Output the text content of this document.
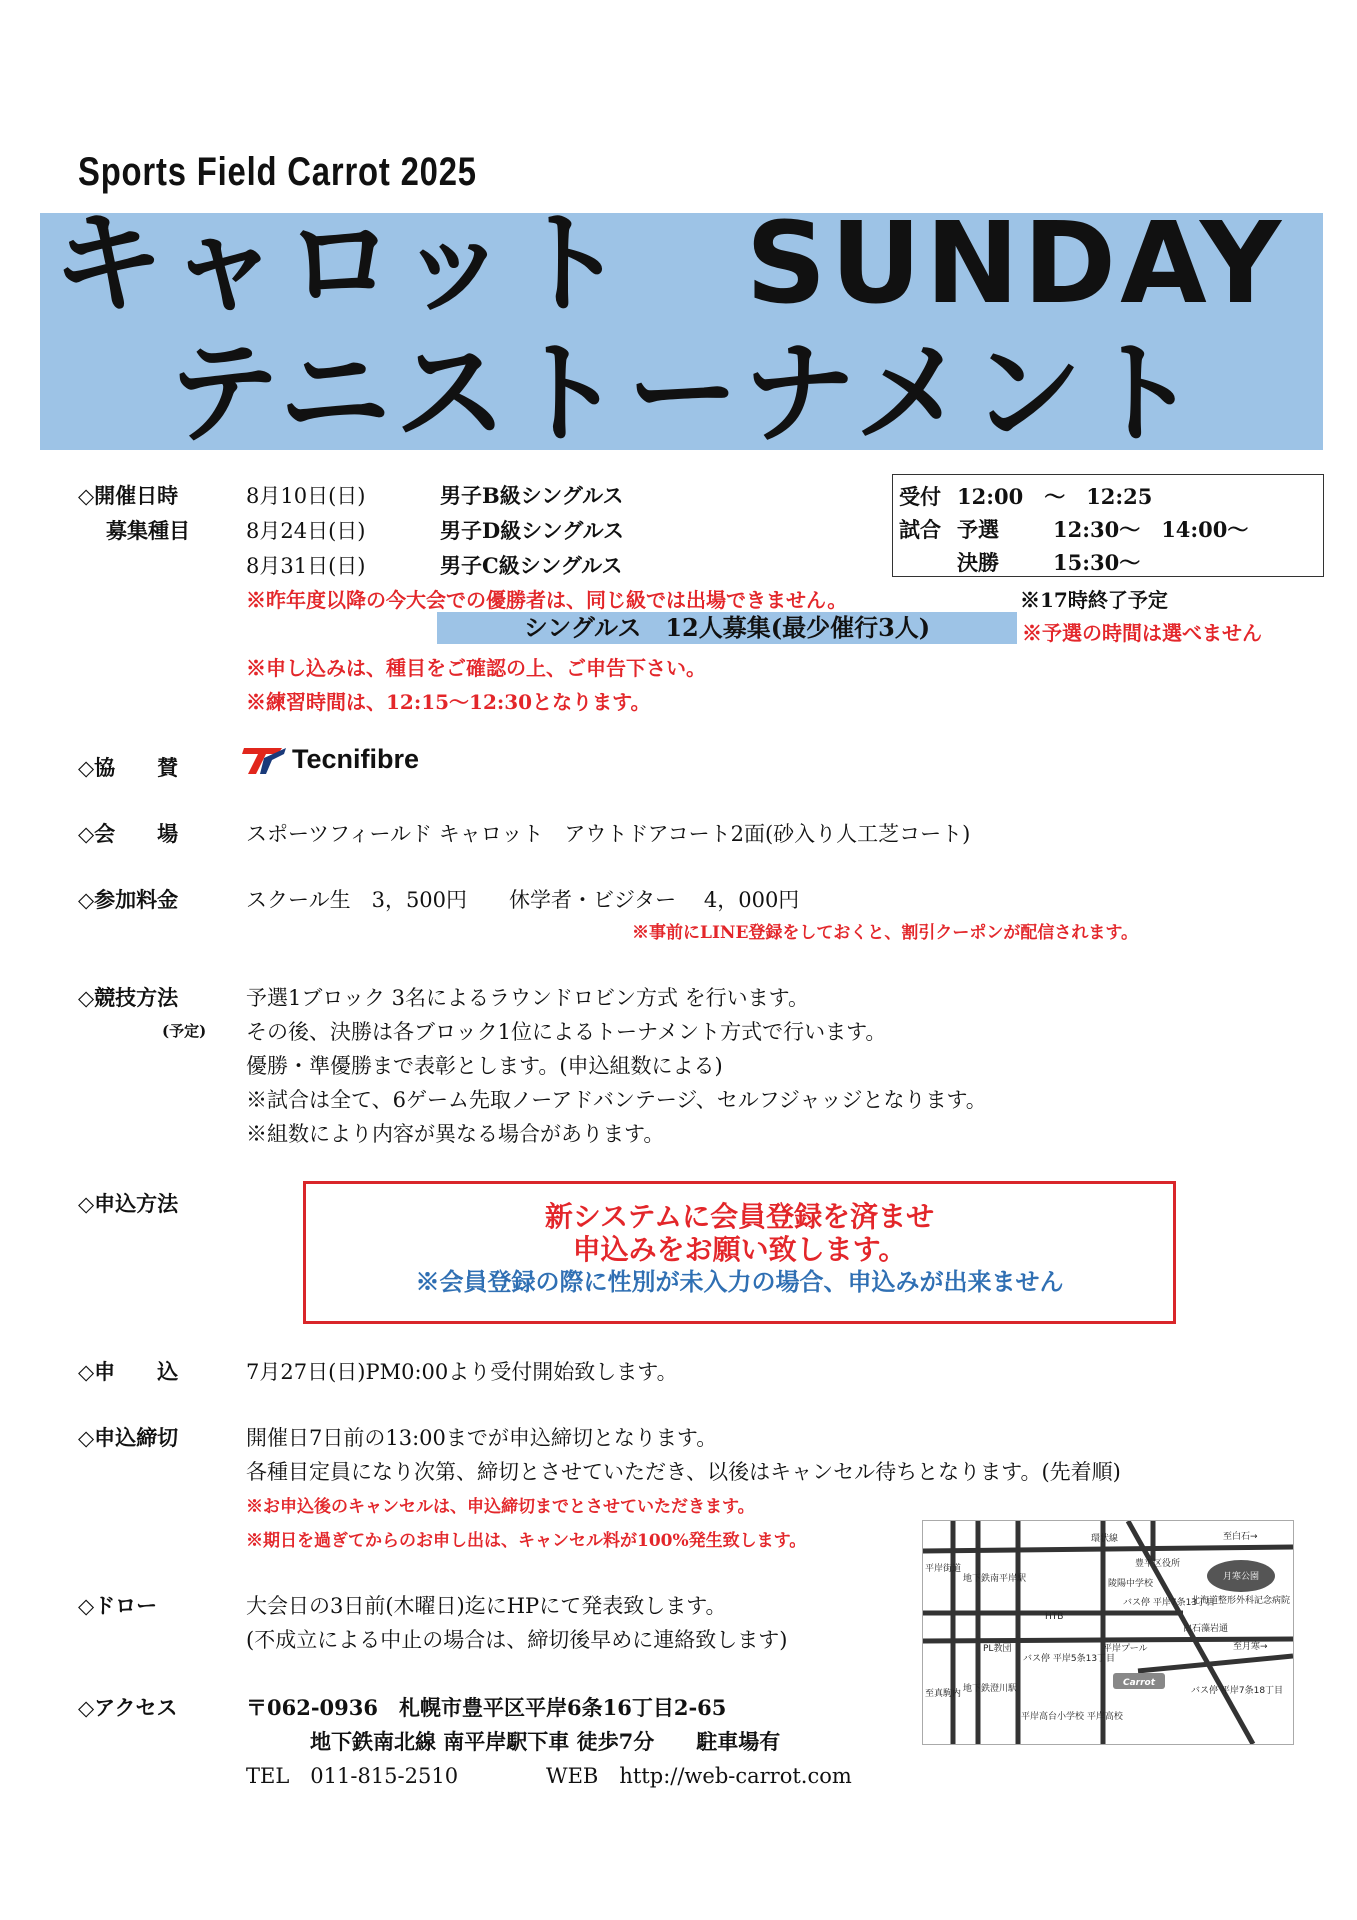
Sports Field Carrot 2025
キャロット　SUNDAY
テニストーナメント
◇開催日時
募集種目
8月10日(日)	男子B級シングルス
8月24日(日)	男子D級シングルス
8月31日(日)	男子C級シングルス
受付 12:00　～　12:25
試合 予選	12:30～　14:00～
決勝	15:30～
※昨年度以降の今大会での優勝者は、同じ級では出場できません。	※17時終了予定
シングルス　12人募集(最少催行3人)	※予選の時間は選べません
※申し込みは、種目をご確認の上、ご申告下さい。
※練習時間は、12:15～12:30となります。
◇協　　賛	Tecnifibre
◇会　　場	スポーツフィールド キャロット　アウトドアコート2面(砂入り人工芝コート)
◇参加料金	スクール生　3，500円　　休学者・ビジター　 4，000円
※事前にLINE登録をしておくと、割引クーポンが配信されます。
◇競技方法
(予定)
予選1ブロック 3名によるラウンドロビン方式 を行います。
その後、決勝は各ブロック1位によるトーナメント方式で行います。
優勝・準優勝まで表彰とします。(申込組数による)
※試合は全て、6ゲーム先取ノーアドバンテージ、セルフジャッジとなります。
※組数により内容が異なる場合があります。
◇申込方法	新システムに会員登録を済ませ
申込みをお願い致します。
※会員登録の際に性別が未入力の場合、申込みが出来ません
◇申　　込	7月27日(日)PM0:00より受付開始致します。
◇申込締切	開催日7日前の13:00までが申込締切となります。
各種目定員になり次第、締切とさせていただき、以後はキャンセル待ちとなります。(先着順)
※お申込後のキャンセルは、申込締切までとさせていただきます。
※期日を過ぎてからのお申し出は、キャンセル料が100%発生致します。
◇ドロー	大会日の3日前(木曜日)迄にHPにて発表致します。
(不成立による中止の場合は、締切後早めに連絡致します)
◇アクセス	〒062-0936　札幌市豊平区平岸6条16丁目2-65
地下鉄南北線 南平岸駅下車 徒歩7分　　駐車場有
TEL　011-815-2510	WEB　http://web-carrot.com
月寒公園
至白石→
環状線
豊平区役所
陵陽中学校
バス停 平岸7条13丁目
北海道整形外科記念病院
HTB
PL教団
バス停 平岸5条13丁目
平岸プール
白石藻岩通
至月寒→
Carrot
バス停 平岸7条18丁目
平岸高台小学校 平岸高校
地下鉄南平岸駅
地下鉄澄川駅
平岸街道
至真駒内
